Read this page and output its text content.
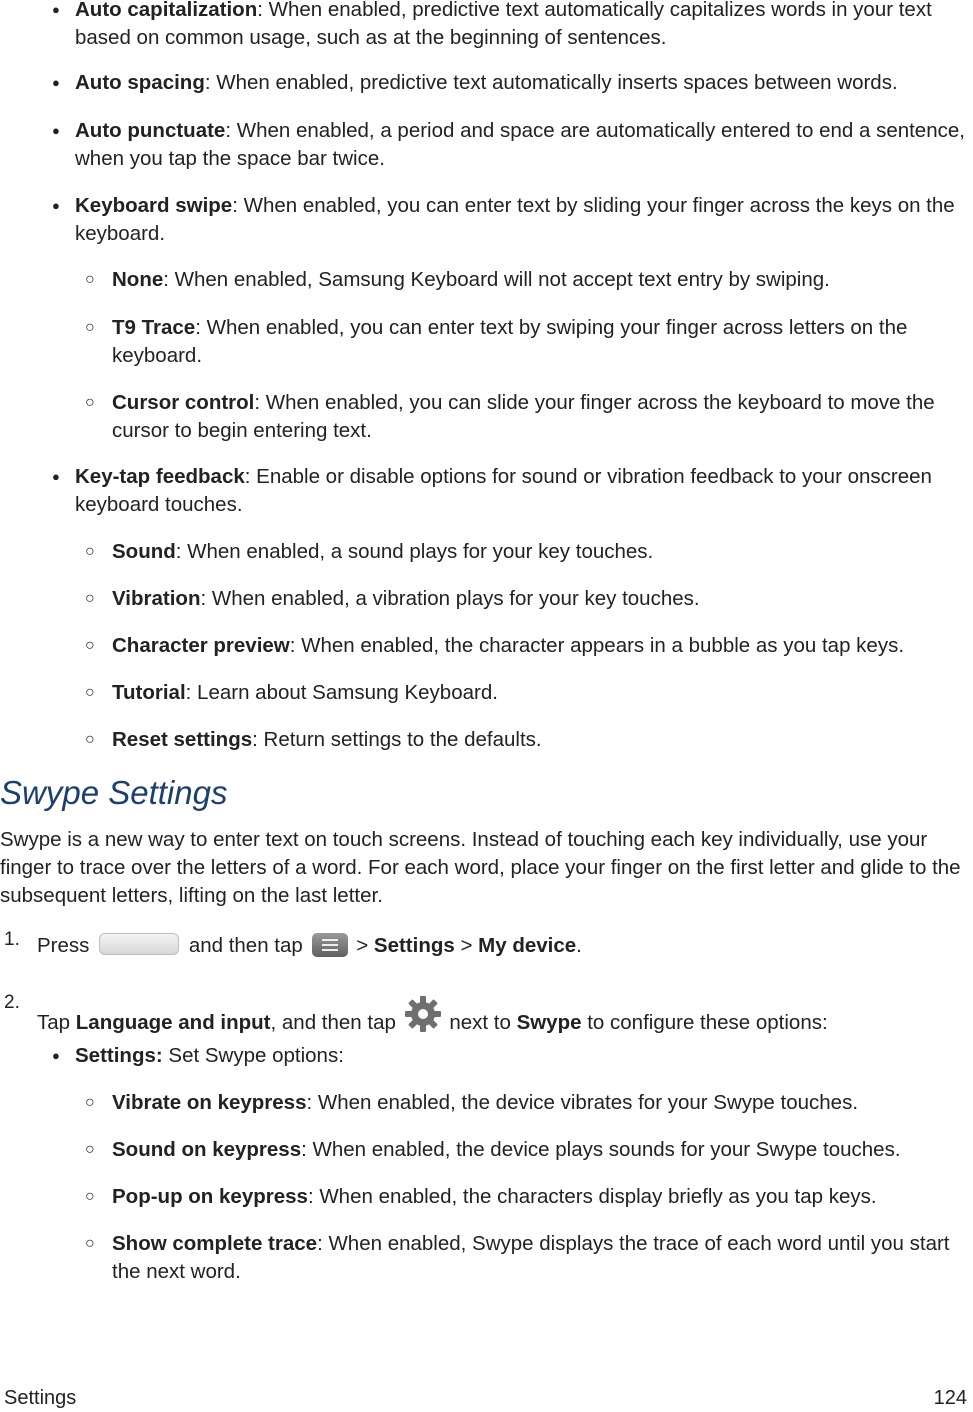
● Auto capitalization: When enabled, predictive text automatically capitalizes words in your text based on common usage, such as at the beginning of sentences.
● Auto spacing: When enabled, predictive text automatically inserts spaces between words.
● Auto punctuate: When enabled, a period and space are automatically entered to end a sentence, when you tap the space bar twice.
● Keyboard swipe: When enabled, you can enter text by sliding your finger across the keys on the keyboard.
○ None: When enabled, Samsung Keyboard will not accept text entry by swiping.
○ T9 Trace: When enabled, you can enter text by swiping your finger across letters on the keyboard.
○ Cursor control: When enabled, you can slide your finger across the keyboard to move the cursor to begin entering text.
● Key-tap feedback: Enable or disable options for sound or vibration feedback to your onscreen keyboard touches.
○ Sound: When enabled, a sound plays for your key touches.
○ Vibration: When enabled, a vibration plays for your key touches.
○ Character preview: When enabled, the character appears in a bubble as you tap keys.
○ Tutorial: Learn about Samsung Keyboard.
○ Reset settings: Return settings to the defaults.
Swype Settings
Swype is a new way to enter text on touch screens. Instead of touching each key individually, use your finger to trace over the letters of a word. For each word, place your finger on the first letter and glide to the subsequent letters, lifting on the last letter.
1. Press	and then tap	> Settings > My device.
2.
Tap Language and input, and then tap	next to Swype to configure these options:
● Settings: Set Swype options:
○ Vibrate on keypress: When enabled, the device vibrates for your Swype touches.
○ Sound on keypress: When enabled, the device plays sounds for your Swype touches.
○ Pop-up on keypress: When enabled, the characters display briefly as you tap keys.
○ Show complete trace: When enabled, Swype displays the trace of each word until you start the next word.
Settings	124
